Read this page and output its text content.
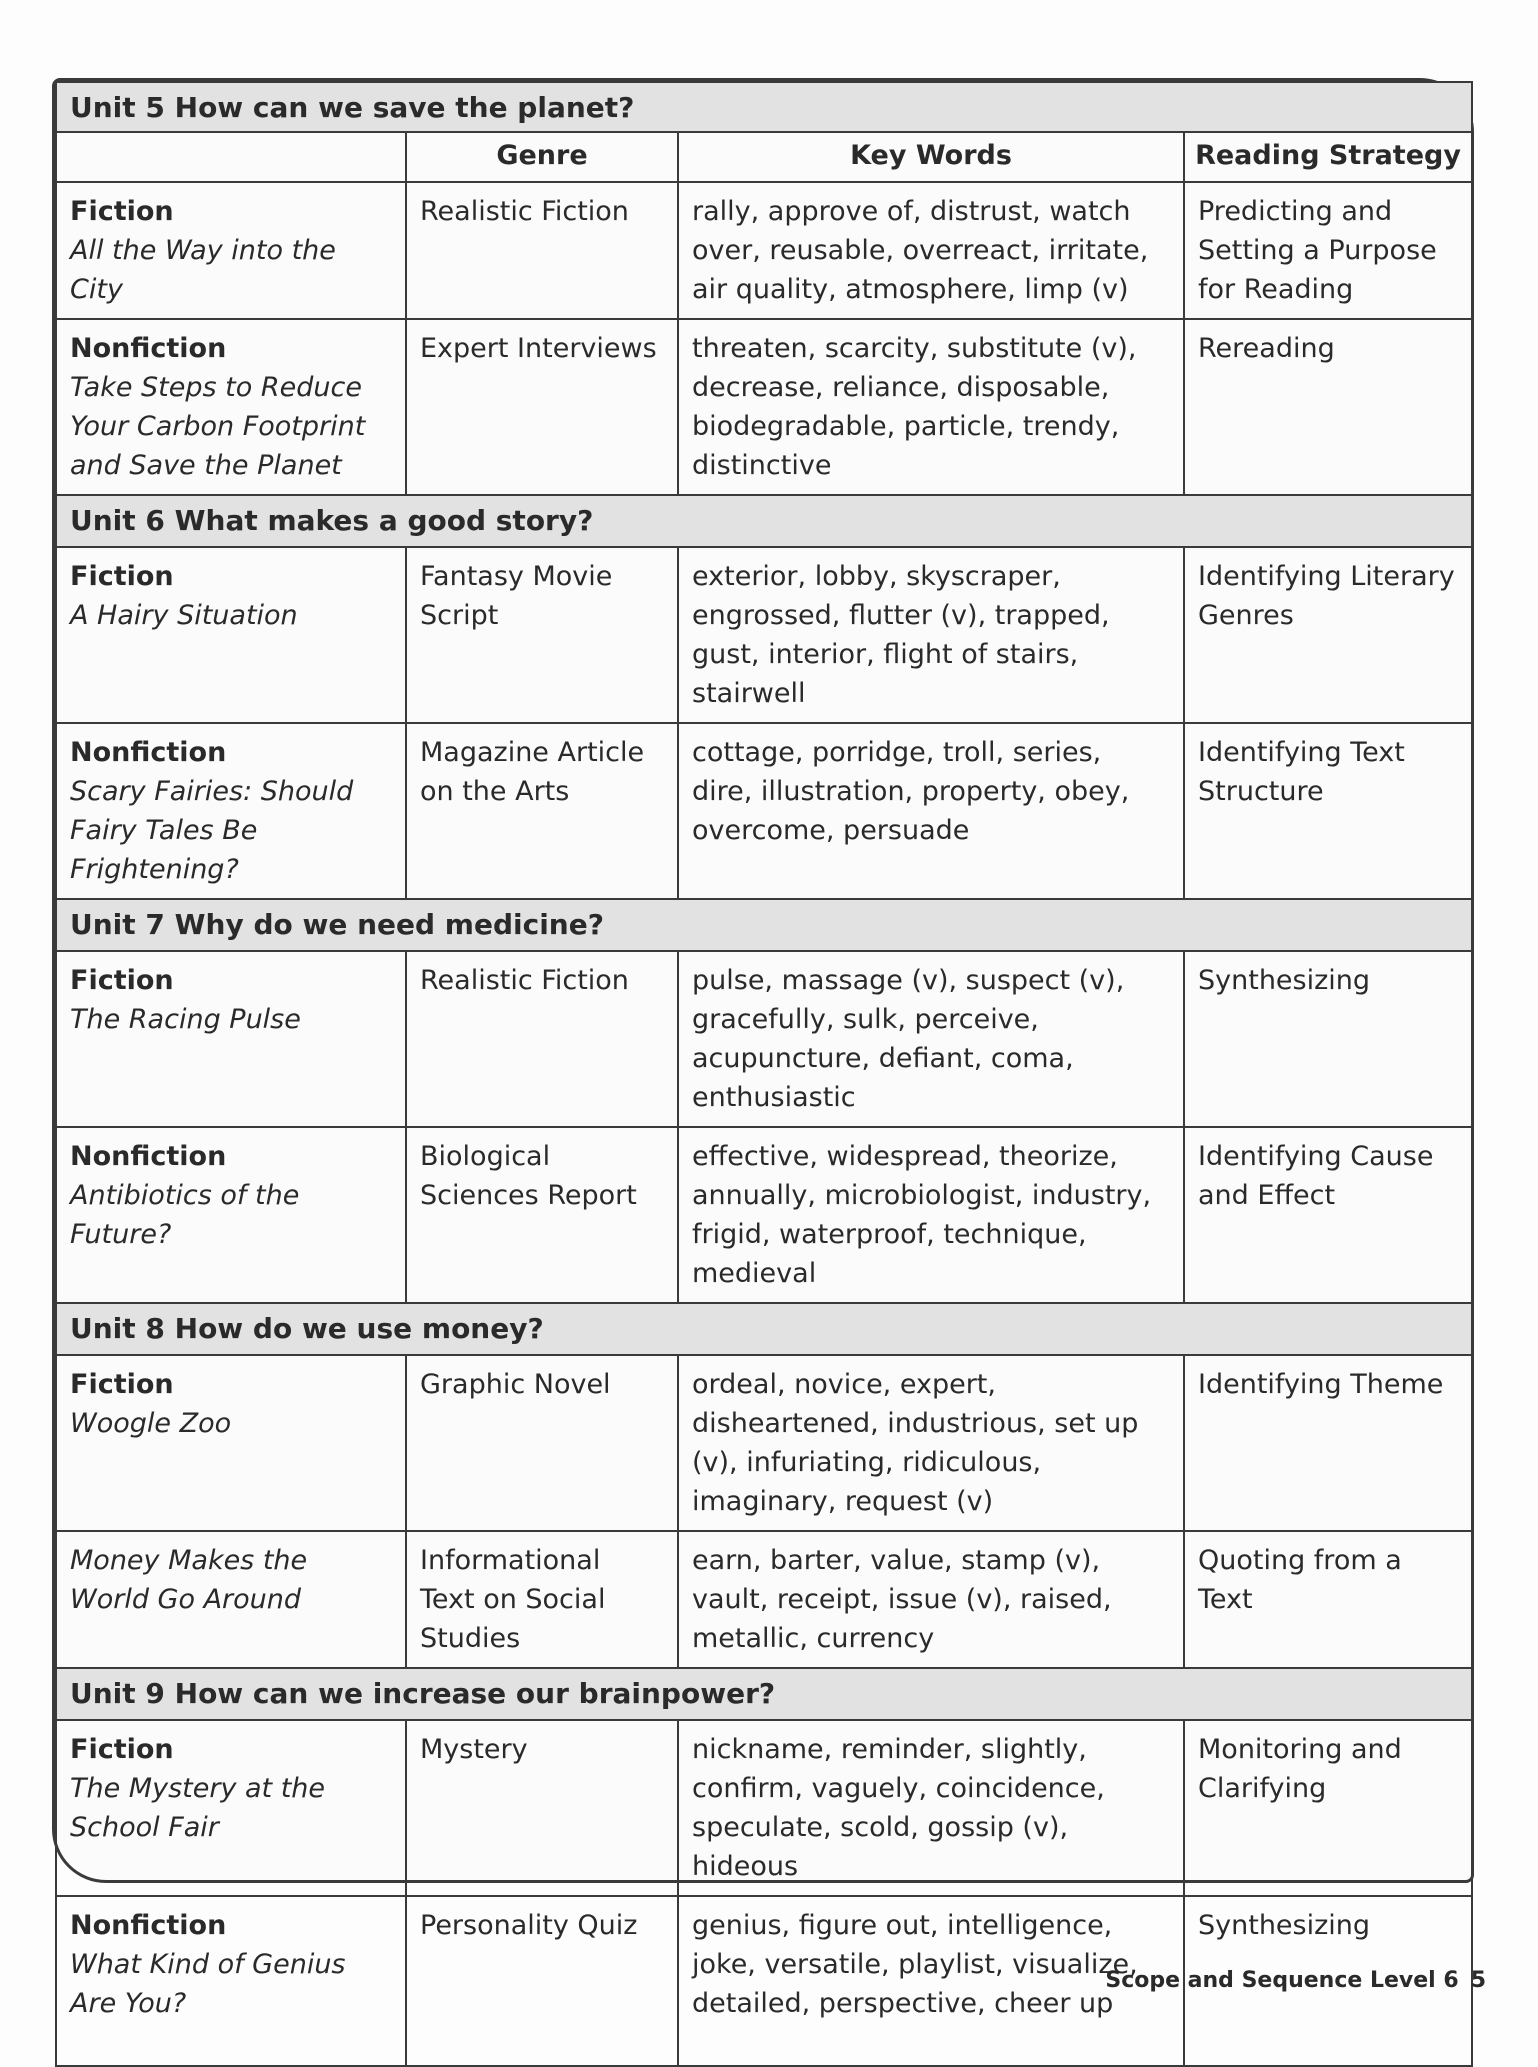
Unit 5 How can we save the planet?			
	Genre	Key Words	Reading Strategy

Fiction
All the Way into the City	Realistic Fiction	rally, approve of, distrust, watch over, reusable, overreact, irritate, air quality, atmosphere, limp (v)	Predicting and Setting a Purpose for Reading

Nonfiction
Take Steps to Reduce Your Carbon Footprint and Save the Planet	Expert Interviews	threaten, scarcity, substitute (v), decrease, reliance, disposable, biodegradable, particle, trendy, distinctive	Rereading
Unit 6 What makes a good story?			

Fiction
A Hairy Situation	Fantasy Movie Script	exterior, lobby, skyscraper, engrossed, flutter (v), trapped, gust, interior, flight of stairs, stairwell	Identifying Literary Genres

Nonfiction
Scary Fairies: Should Fairy Tales Be Frightening?	Magazine Article on the Arts	cottage, porridge, troll, series, dire, illustration, property, obey, overcome, persuade	Identifying Text Structure
Unit 7 Why do we need medicine?			

Fiction
The Racing Pulse	Realistic Fiction	pulse, massage (v), suspect (v), gracefully, sulk, perceive, acupuncture, defiant, coma, enthusiastic	Synthesizing

Nonfiction
Antibiotics of the Future?	Biological Sciences Report	effective, widespread, theorize, annually, microbiologist, industry, frigid, waterproof, technique, medieval	Identifying Cause and Effect
Unit 8 How do we use money?			

Fiction
Woogle Zoo	Graphic Novel	ordeal, novice, expert, disheartened, industrious, set up (v), infuriating, ridiculous, imaginary, request (v)	Identifying Theme

Money Makes the World Go Around	Informational Text on Social Studies	earn, barter, value, stamp (v), vault, receipt, issue (v), raised, metallic, currency	Quoting from a Text
Unit 9 How can we increase our brainpower?			

Fiction
The Mystery at the School Fair	Mystery	nickname, reminder, slightly, confirm, vaguely, coincidence, speculate, scold, gossip (v), hideous	Monitoring and Clarifying

Nonfiction
What Kind of Genius Are You?	Personality Quiz	genius, figure out, intelligence, joke, versatile, playlist, visualize, detailed, perspective, cheer up	Synthesizing
Scope and Sequence Level 6 5
